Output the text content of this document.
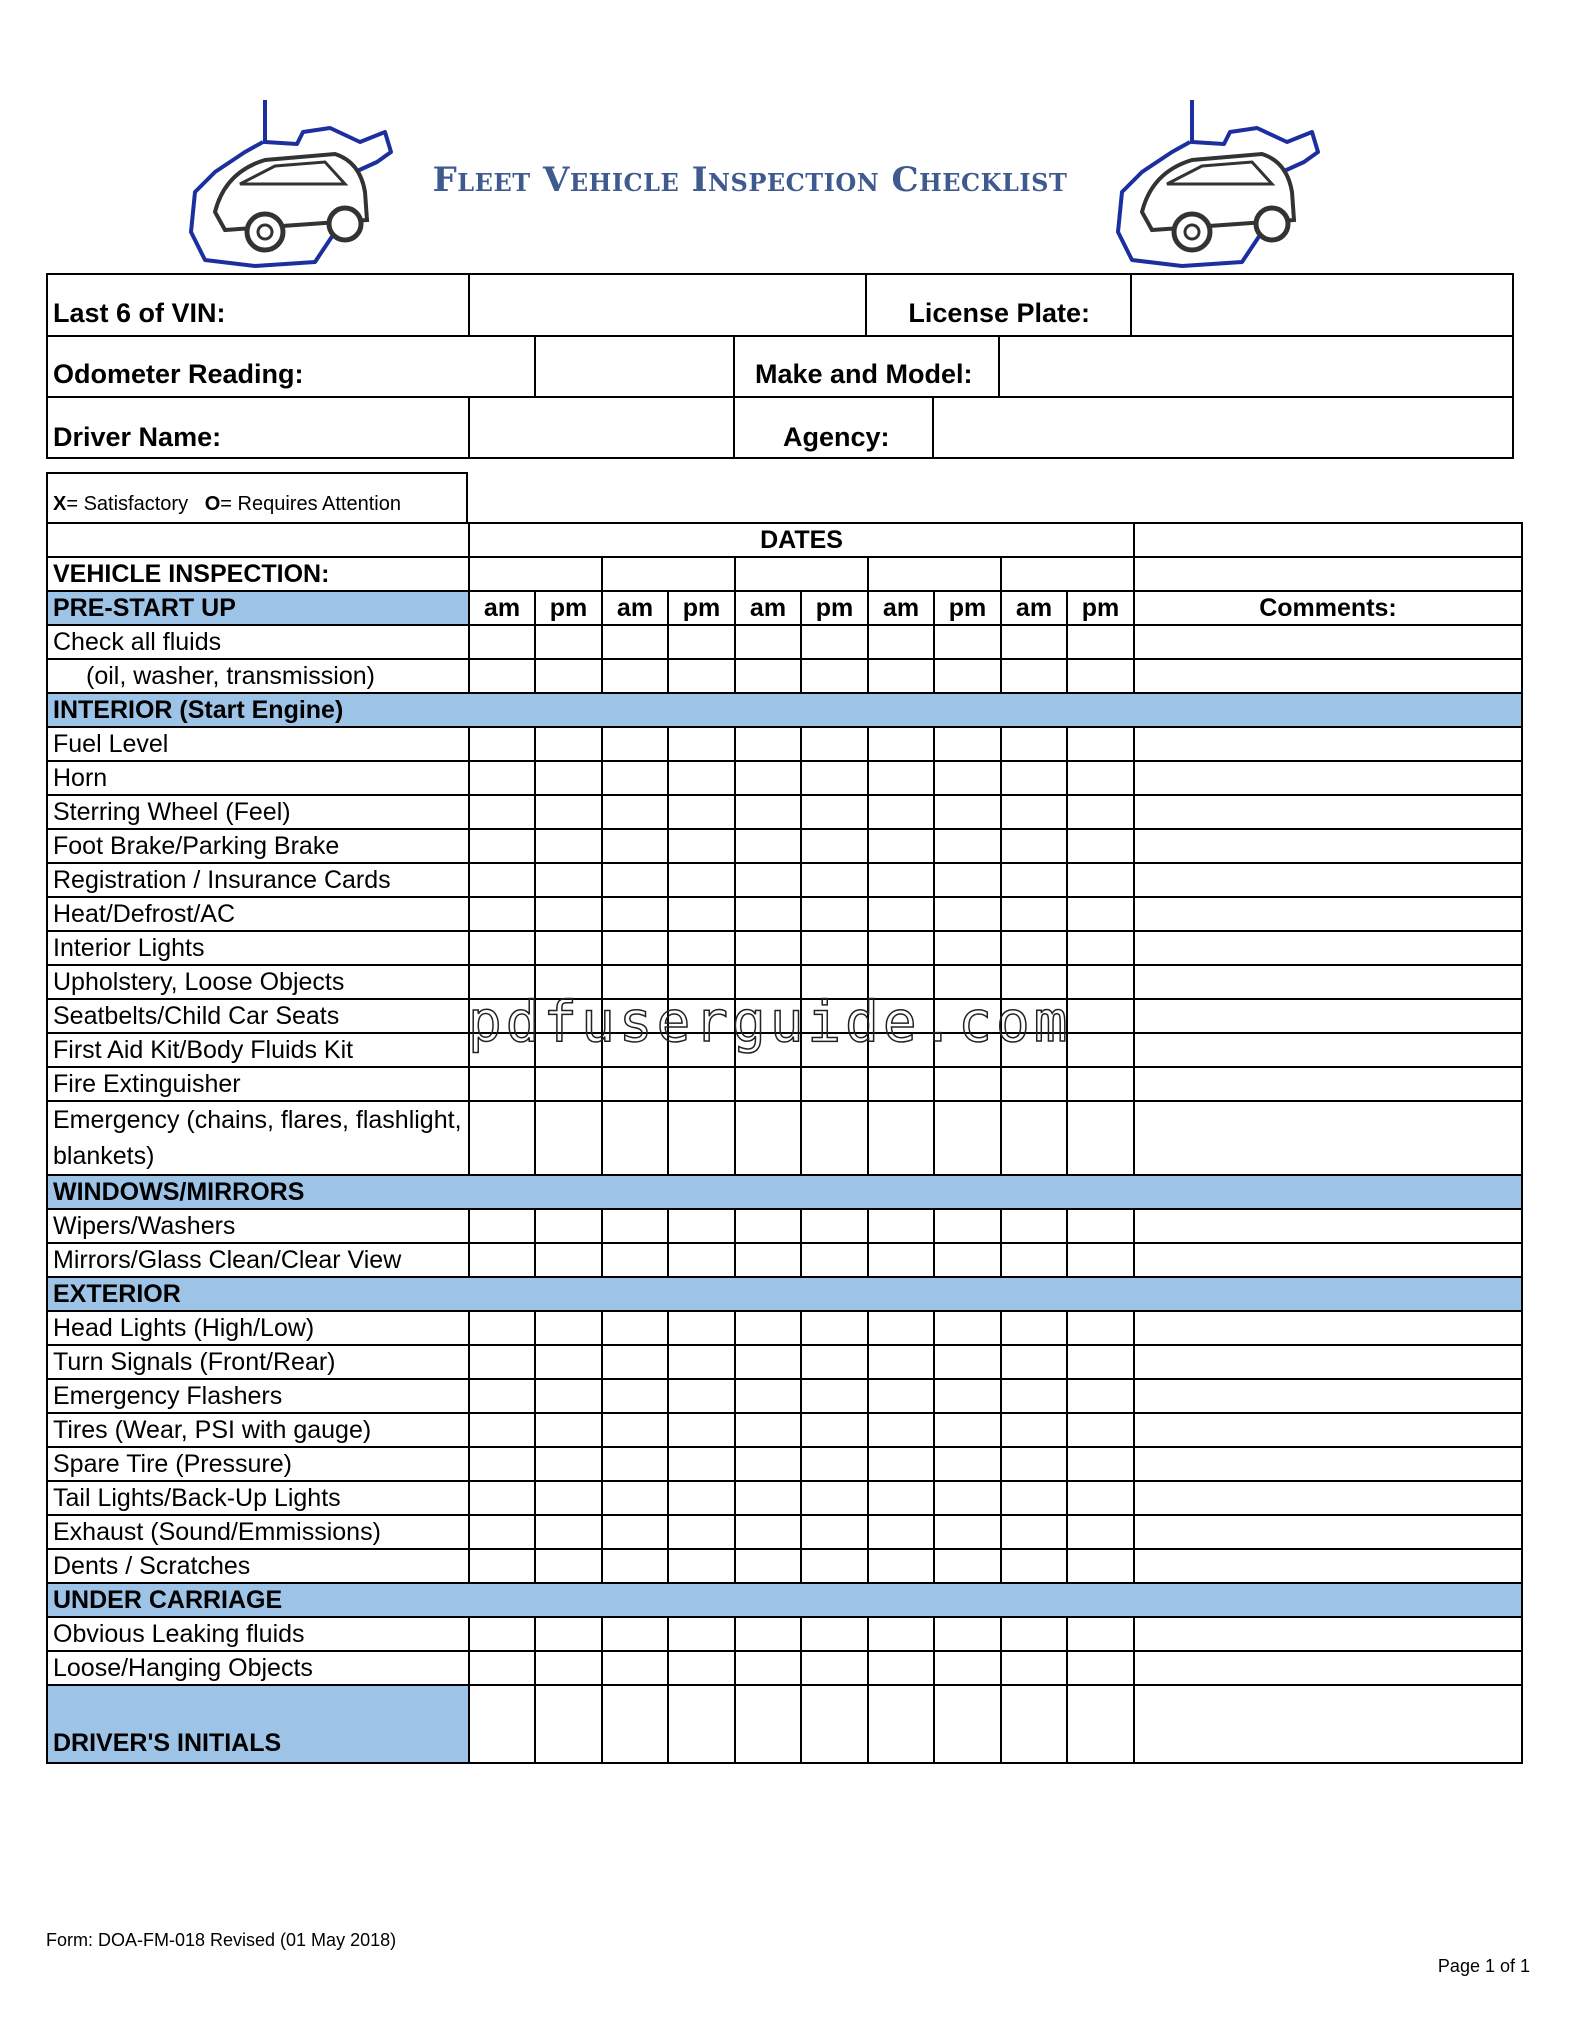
Fleet Vehicle Inspection Checklist
Last 6 of VIN:	License Plate:
Odometer Reading:	Make and Model:
Driver Name:	Agency:
X = Satisfactory
O = Requires Attention
	DATES										
VEHICLE INSPECTION:											
PRE-START UP	am	pm	am	pm	am	pm	am	pm	am	pm	Comments:
Check all fluids											
(oil, washer, transmission)											
INTERIOR (Start Engine)											
Fuel Level											
Horn											
Sterring Wheel (Feel)											
Foot Brake/Parking Brake											
Registration / Insurance Cards											
Heat/Defrost/AC											
Interior Lights											
Upholstery, Loose Objects											
Seatbelts/Child Car Seats											
First Aid Kit/Body Fluids Kit											
Fire Extinguisher											
Emergency (chains, flares, flashlight, blankets)											
WINDOWS/MIRRORS											
Wipers/Washers											
Mirrors/Glass Clean/Clear View											
EXTERIOR											
Head Lights (High/Low)											
Turn Signals (Front/Rear)											
Emergency Flashers											
Tires (Wear, PSI with gauge)											
Spare Tire (Pressure)											
Tail Lights/Back-Up Lights											
Exhaust (Sound/Emmissions)											
Dents / Scratches											
UNDER CARRIAGE											
Obvious Leaking fluids											
Loose/Hanging Objects											
DRIVER'S INITIALS											
pdfuserguide.com
Form: DOA-FM-018 Revised (01 May 2018)
Page 1 of 1
